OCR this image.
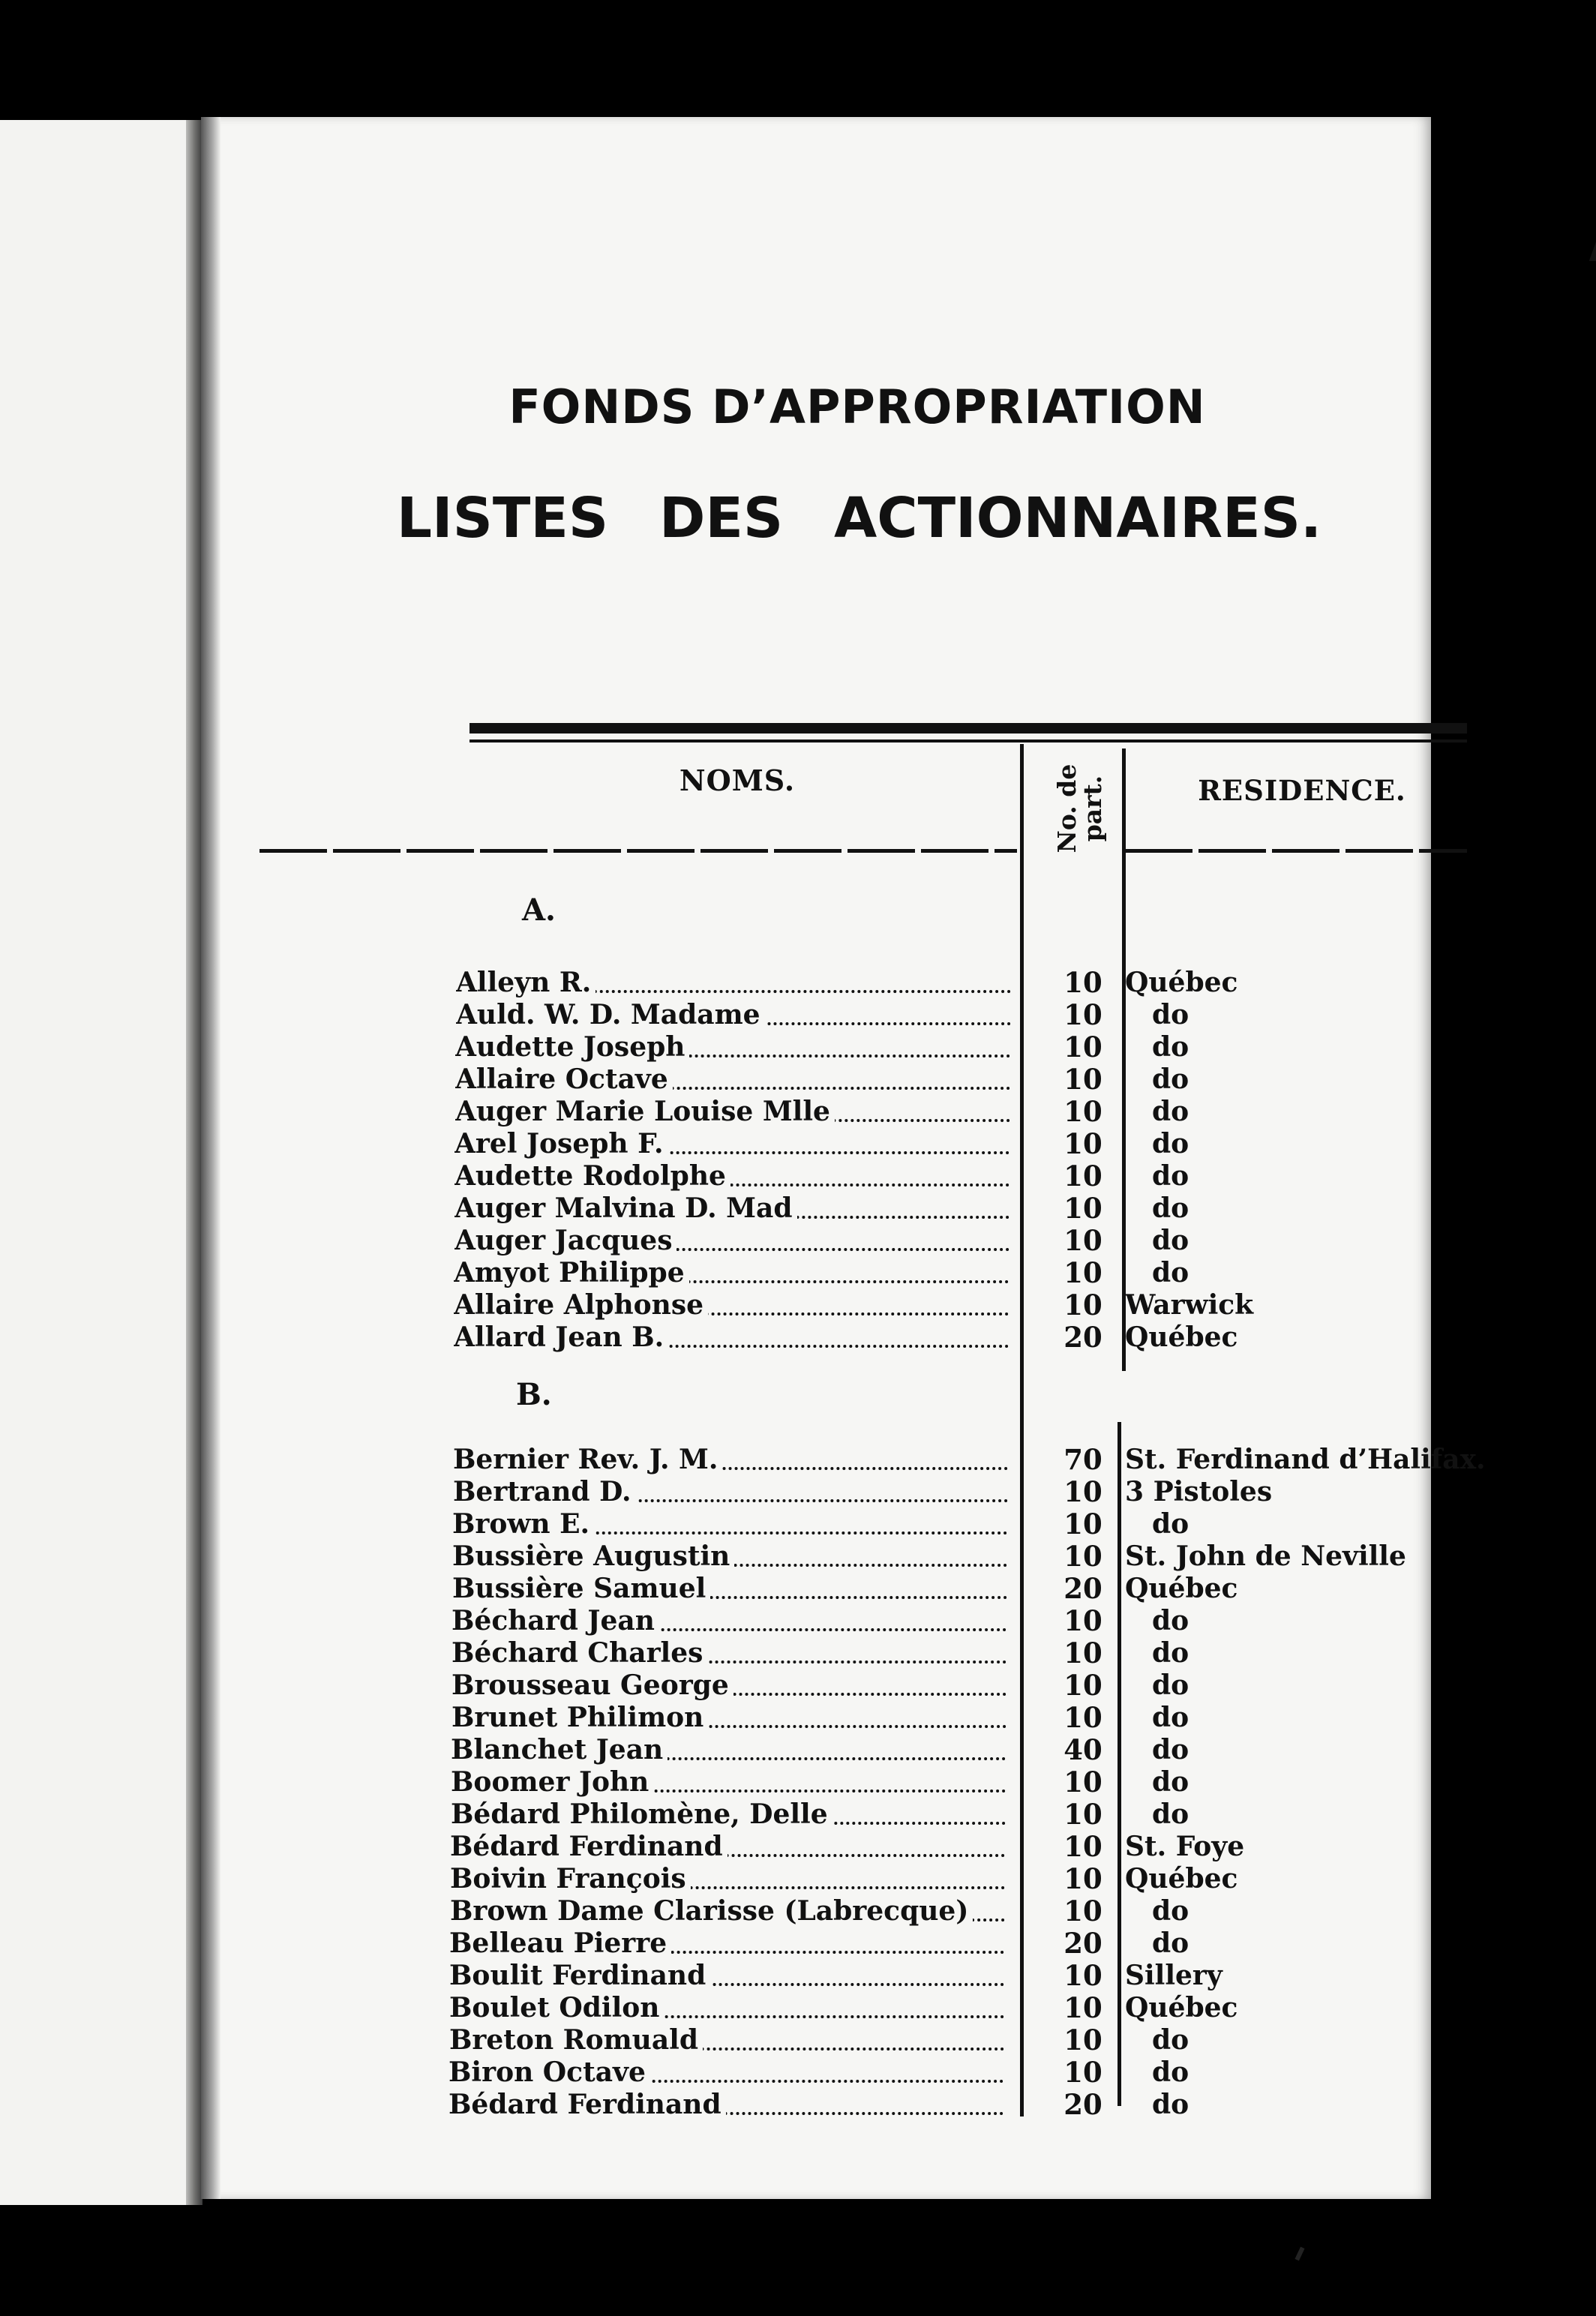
FONDS D’APPROPRIATION
LISTES DES ACTIONNAIRES.
NOMS.	No. de part.	RESIDENCE.
A.
Alleyn R.	10 Québec
Auld. W. D. Madame	10	do
Audette Joseph	10	do
Allaire Octave	10	do
Auger Marie Louise Mlle	10	do
Arel Joseph F.	10	do
Audette Rodolphe	10	do
Auger Malvina D. Mad	10	do
Auger Jacques	10	do
Amyot Philippe	10	do
Allaire Alphonse	10 Warwick
Allard Jean B.	20 Québec
B.
Bernier Rev. J. M.	70 St. Ferdinand d’Halifax.
Bertrand D.	10 3 Pistoles
Brown E.	10	do
Bussière Augustin	10 St. John de Neville
Bussière Samuel	20 Québec
Béchard Jean	10	do
Béchard Charles	10	do
Brousseau George	10	do
Brunet Philimon	10	do
Blanchet Jean	40	do
Boomer John	10	do
Bédard Philomène, Delle	10	do
Bédard Ferdinand	10 St. Foye
Boivin François	10 Québec
Brown Dame Clarisse (Labrecque)	10	do
Belleau Pierre	20	do
Boulit Ferdinand	10 Sillery
Boulet Odilon	10 Québec
Breton Romuald	10	do
Biron Octave	10	do
Bédard Ferdinand	20	do
